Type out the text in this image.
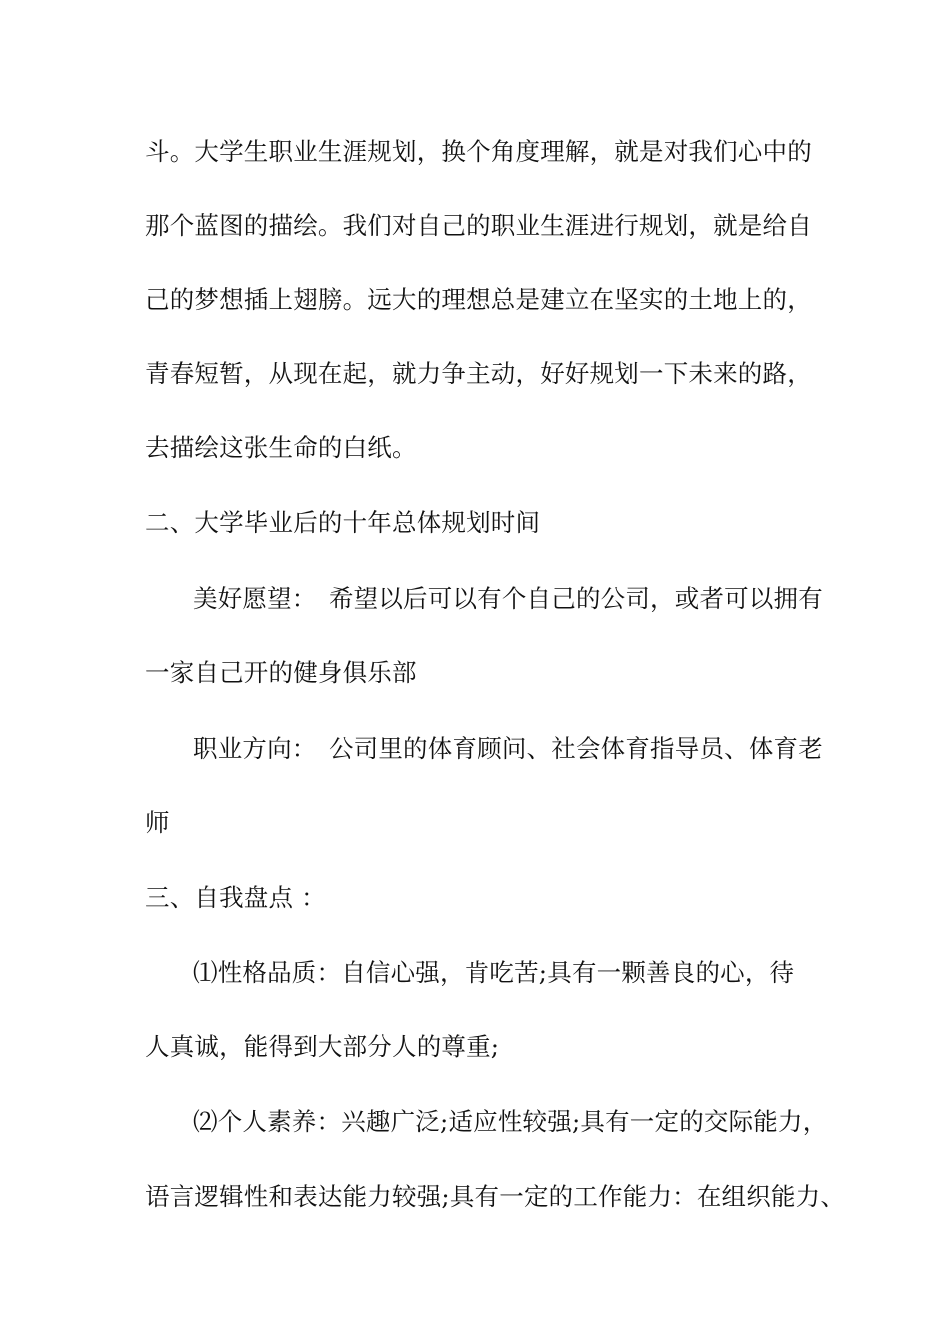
斗。大学生职业生涯规划，换个角度理解，就是对我们心中的
那个蓝图的描绘。我们对自己的职业生涯进行规划，就是给自
己的梦想插上翅膀。远大的理想总是建立在坚实的土地上的，
青春短暂，从现在起，就力争主动，好好规划一下未来的路，
去描绘这张生命的白纸。
二、大学毕业后的十年总体规划时间
美好愿望：　希望以后可以有个自己的公司，或者可以拥有
一家自己开的健身俱乐部
职业方向：　公司里的体育顾问、社会体育指导员、体育老
师
三、自我盘点 ：
⑴性格品质：自信心强，肯吃苦;具有一颗善良的心，待
人真诚，能得到大部分人的尊重;
⑵个人素养：兴趣广泛;适应性较强;具有一定的交际能力，
语言逻辑性和表达能力较强;具有一定的工作能力：在组织能力、
